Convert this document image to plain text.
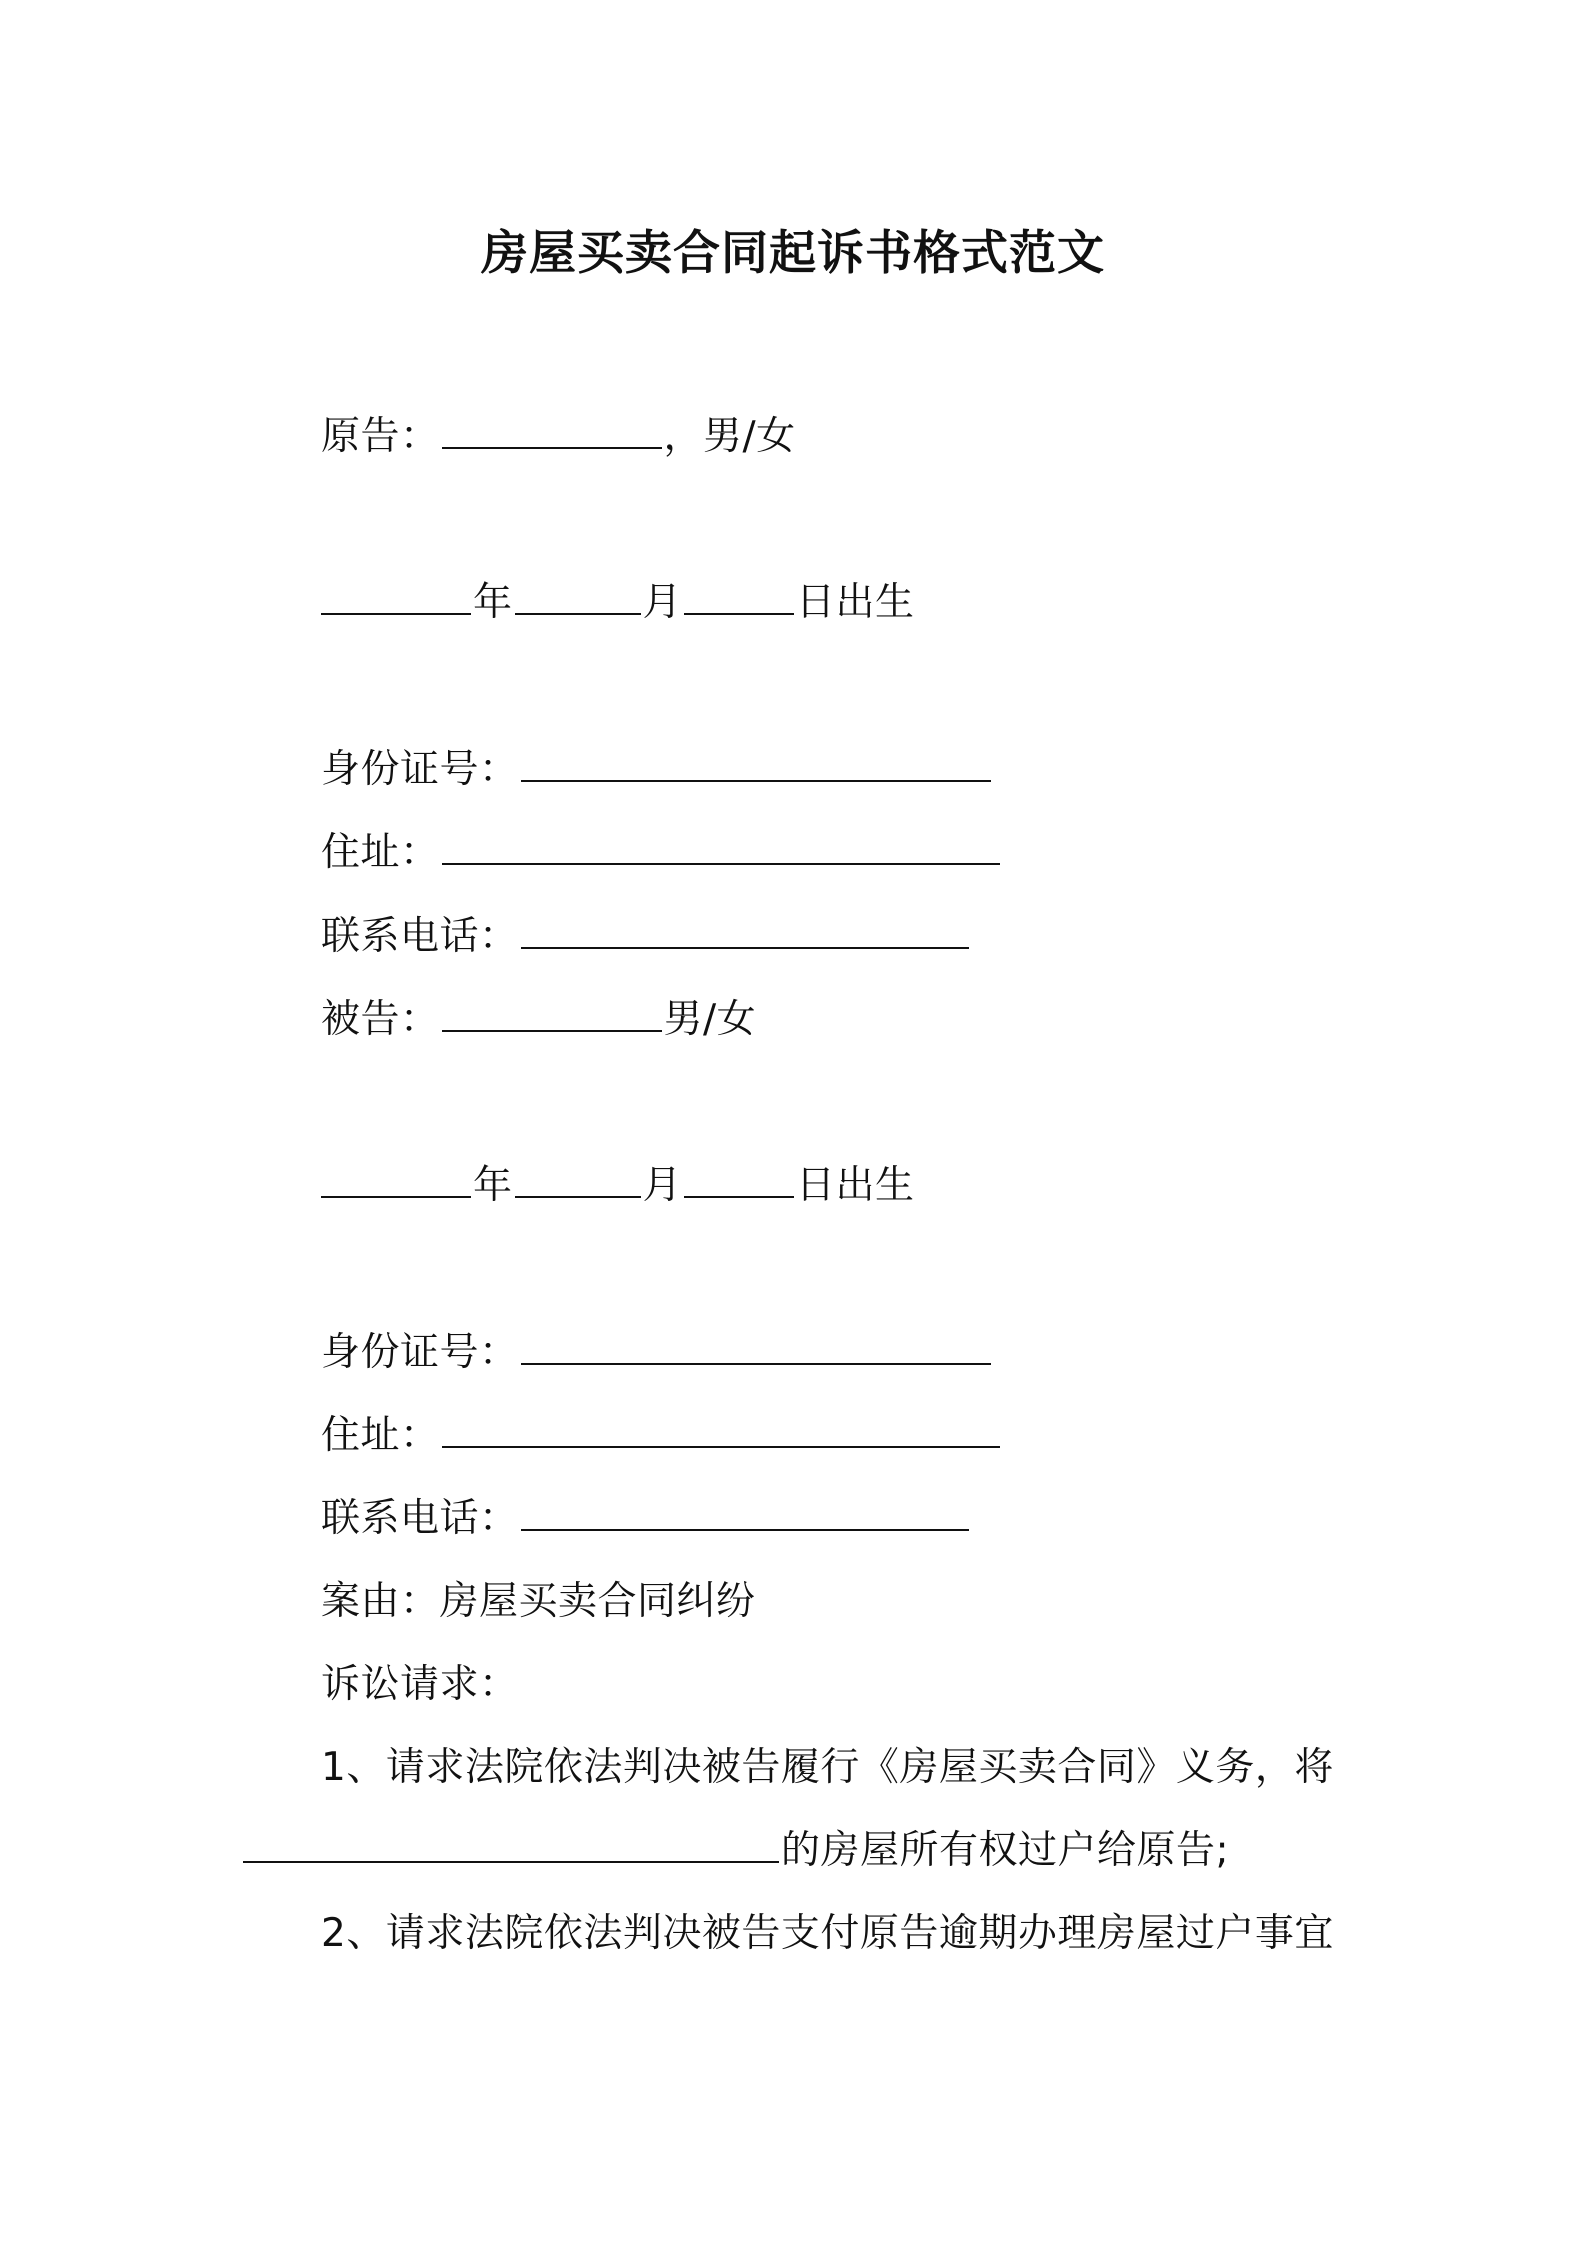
房屋买卖合同起诉书格式范文
原告：	，男/女
年	月	日出生
身份证号：
住址：
联系电话：
被告：	男/女
年	月	日出生
身份证号：
住址：
联系电话：
案由：房屋买卖合同纠纷
诉讼请求：
1、请求法院依法判决被告履行《房屋买卖合同》义务，将
的房屋所有权过户给原告;
2、请求法院依法判决被告支付原告逾期办理房屋过户事宜
